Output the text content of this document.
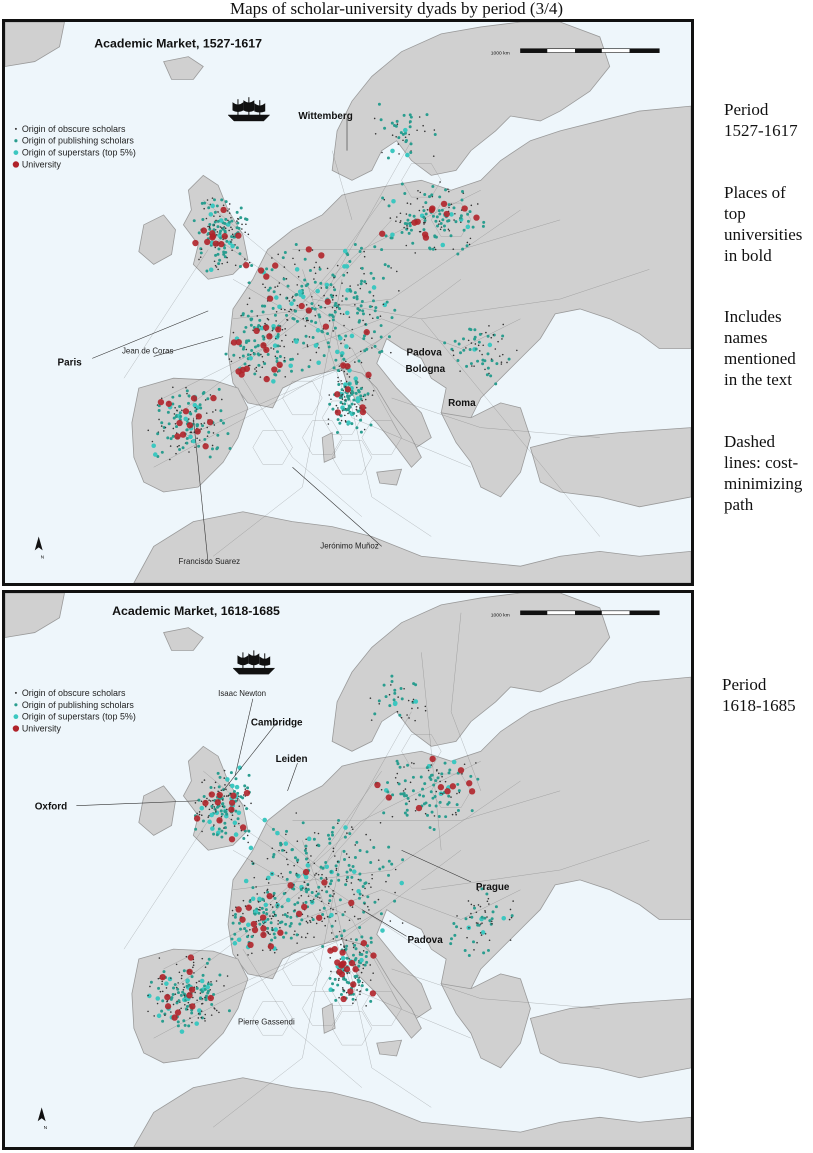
Maps of scholar-university dyads by period (3/4)
Academic Market, 1527-1617
1000 km
Origin of obscure scholars
Origin of publishing scholars
Origin of superstars (top 5%)
University
Wittemberg
Paris
Padova
Bologna
Roma
Jean de Coras
Francisco Suarez
Jerónimo Muñoz
N
Academic Market, 1618-1685	1000 km
Origin of obscure scholars
Origin of publishing scholars
Origin of superstars (top 5%)
University	Cambridge
Leiden
Oxford
Prague
Padova
Isaac Newton
Pierre Gassendi
N
Period
1527-1617
Places of
top
universities
in bold
Includes
names
mentioned
in the text
Dashed
lines: cost-
minimizing
path
Period
1618-1685
